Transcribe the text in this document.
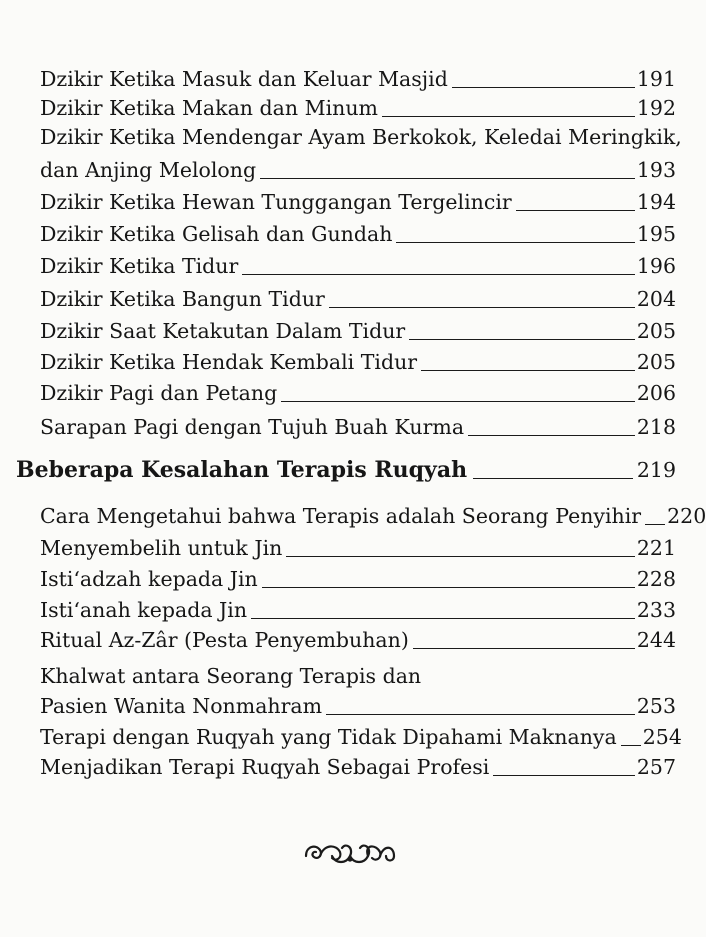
Dzikir Ketika Masuk dan Keluar Masjid	191
Dzikir Ketika Makan dan Minum	192
Dzikir Ketika Mendengar Ayam Berkokok, Keledai Meringkik,
dan Anjing Melolong	193
Dzikir Ketika Hewan Tunggangan Tergelincir	194
Dzikir Ketika Gelisah dan Gundah	195
Dzikir Ketika Tidur	196
Dzikir Ketika Bangun Tidur	204
Dzikir Saat Ketakutan Dalam Tidur	205
Dzikir Ketika Hendak Kembali Tidur	205
Dzikir Pagi dan Petang	206
Sarapan Pagi dengan Tujuh Buah Kurma	218
Beberapa Kesalahan Terapis Ruqyah	219
Cara Mengetahui bahwa Terapis adalah Seorang Penyihir 220
Menyembelih untuk Jin	221
Isti‘adzah kepada Jin	228
Isti‘anah kepada Jin	233
Ritual Az-Zâr (Pesta Penyembuhan)	244
Khalwat antara Seorang Terapis dan
Pasien Wanita Nonmahram	253
Terapi dengan Ruqyah yang Tidak Dipahami Maknanya 254
Menjadikan Terapi Ruqyah Sebagai Profesi	257
